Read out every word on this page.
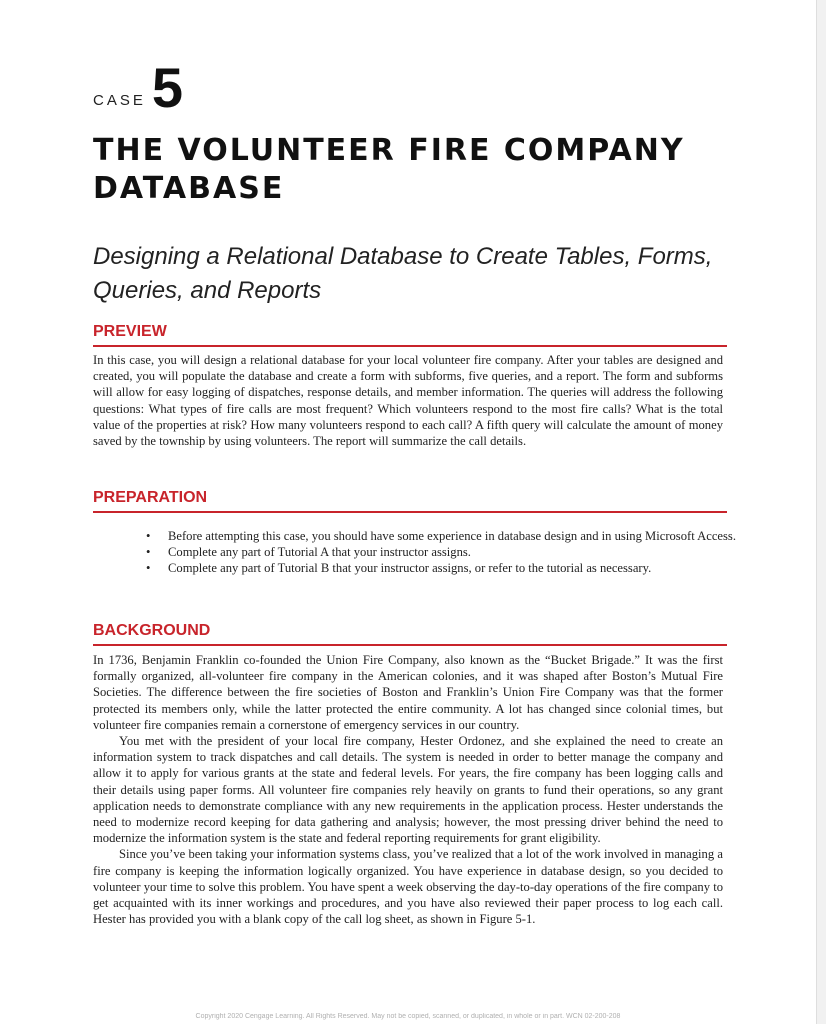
CASE 5
THE VOLUNTEER FIRE COMPANY DATABASE
Designing a Relational Database to Create Tables, Forms, Queries, and Reports
PREVIEW

In this case, you will design a relational database for your local volunteer fire company. After your tables are designed and created, you will populate the database and create a form with subforms, five queries, and a report. The form and subforms will allow for easy logging of dispatches, response details, and member information. The queries will address the following questions: What types of fire calls are most frequent? Which volunteers respond to the most fire calls? What is the total value of the properties at risk? How many volunteers respond to each call? A fifth query will calculate the amount of money saved by the township by using volunteers. The report will summarize the call details.

PREPARATION
• Before attempting this case, you should have some experience in database design and in using Microsoft Access.
• Complete any part of Tutorial A that your instructor assigns.
• Complete any part of Tutorial B that your instructor assigns, or refer to the tutorial as necessary.
BACKGROUND

In 1736, Benjamin Franklin co-founded the Union Fire Company, also known as the “Bucket Brigade.” It was the first formally organized, all-volunteer fire company in the American colonies, and it was shaped after Boston’s Mutual Fire Societies. The difference between the fire societies of Boston and Franklin’s Union Fire Company was that the former protected its members only, while the latter protected the entire community. A lot has changed since colonial times, but volunteer fire companies remain a cornerstone of emergency services in our country.

You met with the president of your local fire company, Hester Ordonez, and she explained the need to create an information system to track dispatches and call details. The system is needed in order to better manage the company and allow it to apply for various grants at the state and federal levels. For years, the fire company has been logging calls and their details using paper forms. All volunteer fire companies rely heavily on grants to fund their operations, so any grant application needs to demonstrate compliance with any new requirements in the application process. Hester understands the need to modernize record keeping for data gathering and analysis; however, the most pressing driver behind the need to modernize the information system is the state and federal reporting requirements for grant eligibility.

Since you’ve been taking your information systems class, you’ve realized that a lot of the work involved in managing a fire company is keeping the information logically organized. You have experience in database design, so you decided to volunteer your time to solve this problem. You have spent a week observing the day-to-day operations of the fire company to get acquainted with its inner workings and procedures, and you have also reviewed their paper process to log each call. Hester has provided you with a blank copy of the call log sheet, as shown in Figure 5-1.

Copyright 2020 Cengage Learning. All Rights Reserved. May not be copied, scanned, or duplicated, in whole or in part. WCN 02-200-208
